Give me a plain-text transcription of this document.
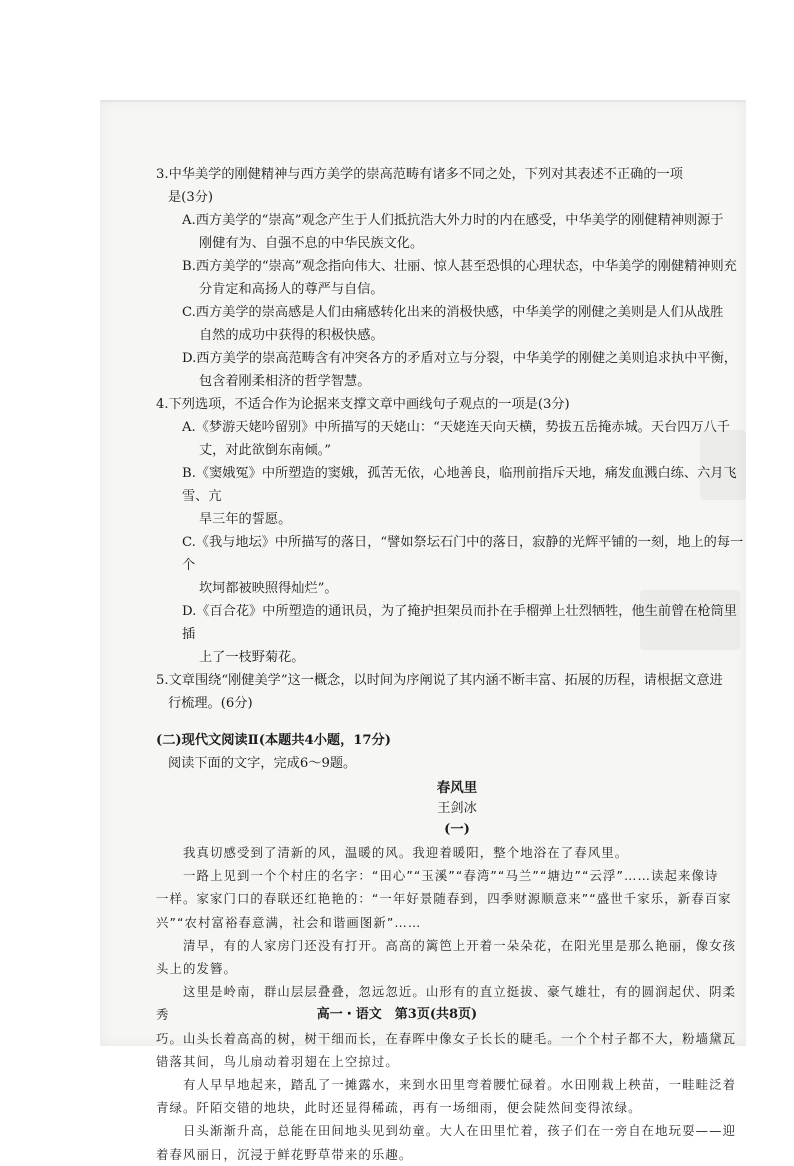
3.中华美学的刚健精神与西方美学的崇高范畴有诸多不同之处，下列对其表述不正确的一项
是(3分)
A.西方美学的“崇高”观念产生于人们抵抗浩大外力时的内在感受，中华美学的刚健精神则源于
刚健有为、自强不息的中华民族文化。
B.西方美学的“崇高”观念指向伟大、壮丽、惊人甚至恐惧的心理状态，中华美学的刚健精神则充
分肯定和高扬人的尊严与自信。
C.西方美学的崇高感是人们由痛感转化出来的消极快感，中华美学的刚健之美则是人们从战胜
自然的成功中获得的积极快感。
D.西方美学的崇高范畴含有冲突各方的矛盾对立与分裂，中华美学的刚健之美则追求执中平衡，
包含着刚柔相济的哲学智慧。
4.下列选项，不适合作为论据来支撑文章中画线句子观点的一项是(3分)
A.《梦游天姥吟留别》中所描写的天姥山：“天姥连天向天横，势拔五岳掩赤城。天台四万八千
丈，对此欲倒东南倾。”
B.《窦娥冤》中所塑造的窦娥，孤苦无依，心地善良，临刑前指斥天地，痛发血溅白练、六月飞雪、亢
旱三年的誓愿。
C.《我与地坛》中所描写的落日，“譬如祭坛石门中的落日，寂静的光辉平铺的一刻，地上的每一个
坎坷都被映照得灿烂”。
D.《百合花》中所塑造的通讯员，为了掩护担架员而扑在手榴弹上壮烈牺牲，他生前曾在枪筒里插
上了一枝野菊花。
5.文章围绕“刚健美学”这一概念，以时间为序阐说了其内涵不断丰富、拓展的历程，请根据文意进
行梳理。(6分)
(二)现代文阅读Ⅱ(本题共4小题，17分)
阅读下面的文字，完成6～9题。
春风里
王剑冰
(一)

我真切感受到了清新的风，温暖的风。我迎着暖阳，整个地浴在了春风里。

一路上见到一个个村庄的名字：“田心”“玉溪”“春湾”“马兰”“塘边”“云浮”……读起来像诗

一样。家家门口的春联还红艳艳的：“一年好景随春到，四季财源顺意来”“盛世千家乐，新春百家

兴”“农村富裕春意满，社会和谐画图新”……

清早，有的人家房门还没有打开。高高的篱笆上开着一朵朵花，在阳光里是那么艳丽，像女孩

头上的发簪。

这里是岭南，群山层层叠叠，忽远忽近。山形有的直立挺拔、豪气雄壮，有的圆润起伏、阴柔秀

巧。山头长着高高的树，树干细而长，在春晖中像女子长长的睫毛。一个个村子都不大，粉墙黛瓦

错落其间，鸟儿扇动着羽翅在上空掠过。

有人早早地起来，踏乱了一摊露水，来到水田里弯着腰忙碌着。水田刚栽上秧苗，一畦畦泛着

青绿。阡陌交错的地块，此时还显得稀疏，再有一场细雨，便会陡然间变得浓绿。

日头渐渐升高，总能在田间地头见到幼童。大人在田里忙着，孩子们在一旁自在地玩耍——迎

着春风丽日，沉浸于鲜花野草带来的乐趣。

高一・语文　第3页(共8页)
